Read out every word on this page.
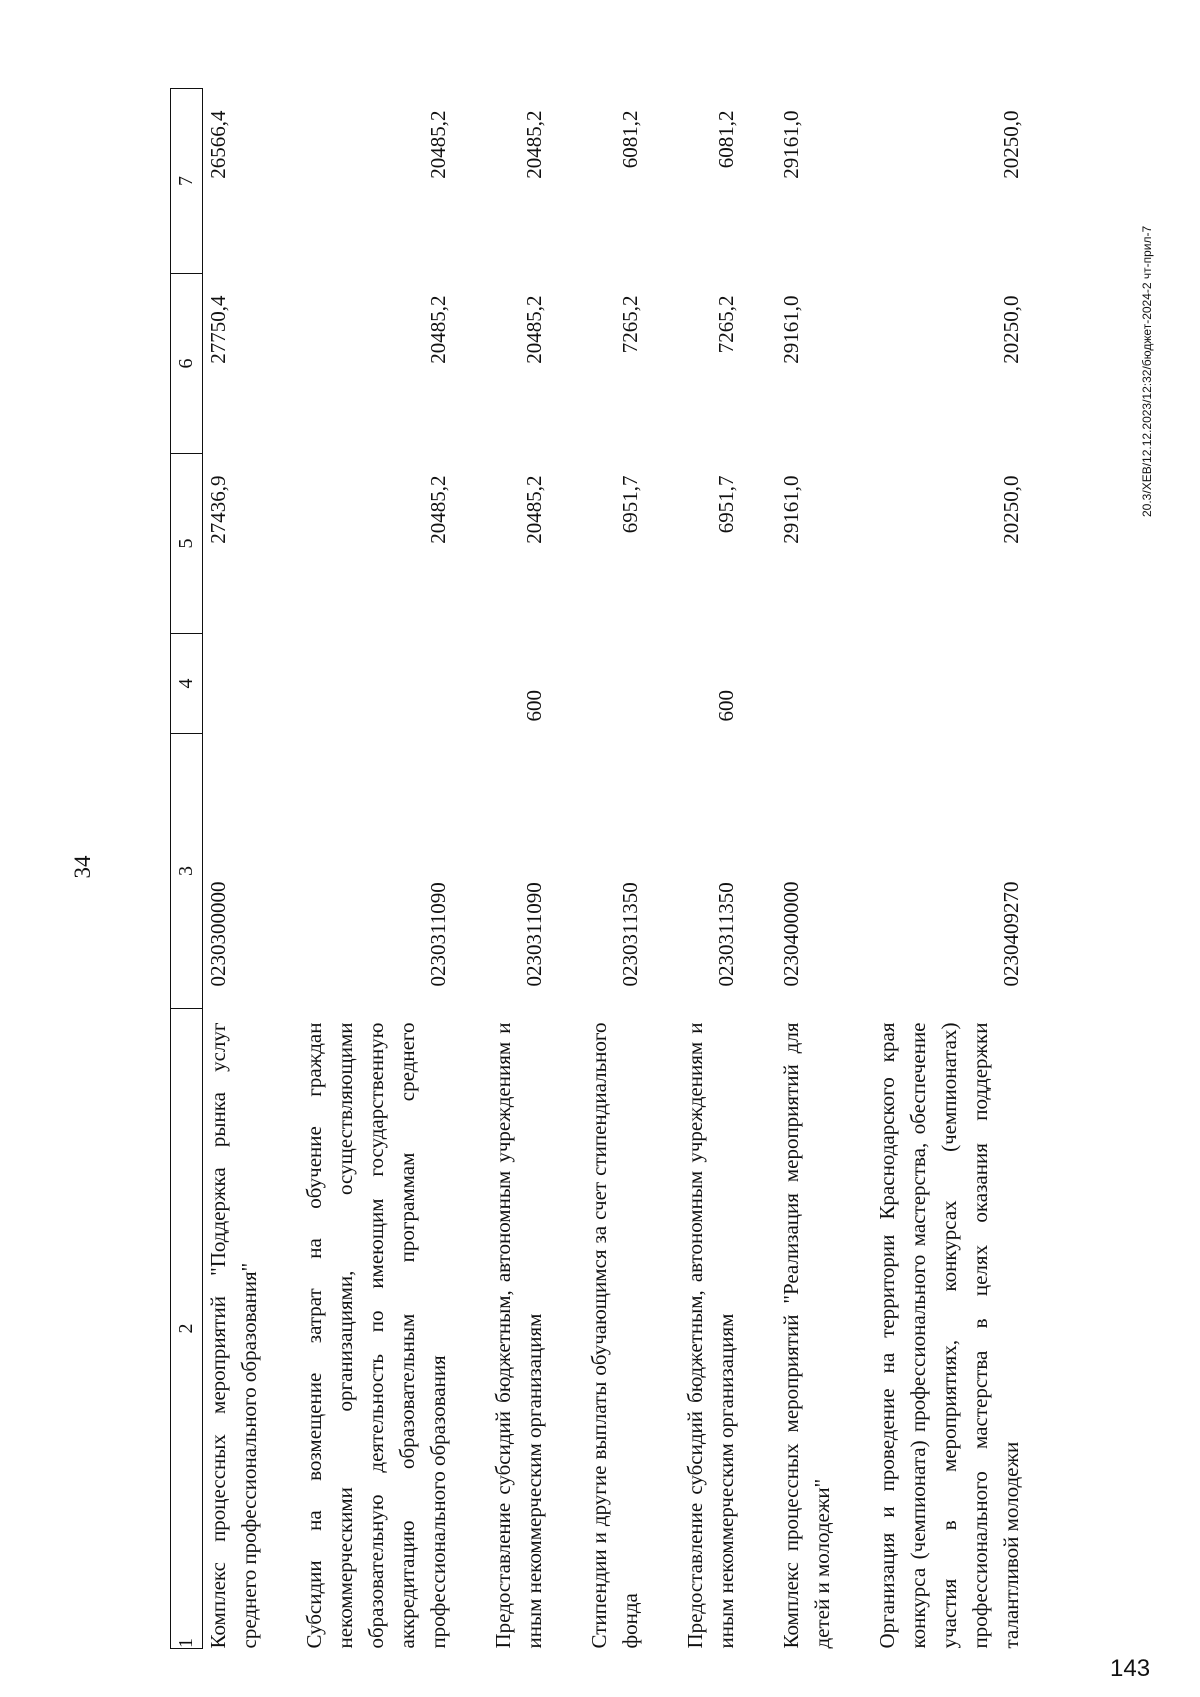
34
1	2	3	4	5	6	7
	Комплекс процессных мероприятий "Поддержка рынка услуг среднего профессионального образования"	0230300000		27436,9	27750,4	26566,4
	Субсидии на возмещение затрат на обучение граждан некоммерческими организациями, осуществляющими образовательную деятельность по имеющим государственную аккредитацию образовательным программам среднего профессионального образования	0230311090		20485,2	20485,2	20485,2
	Предоставление субсидий бюджетным, автономным учреждениям и иным некоммерческим организациям	0230311090	600	20485,2	20485,2	20485,2
	Стипендии и другие выплаты обучающимся за счет стипендиального фонда	0230311350		6951,7	7265,2	6081,2
	Предоставление субсидий бюджетным, автономным учреждениям и иным некоммерческим организациям	0230311350	600	6951,7	7265,2	6081,2
	Комплекс процессных мероприятий "Реализация мероприятий для детей и молодежи"	0230400000		29161,0	29161,0	29161,0
	Организация и проведение на территории Краснодарского края конкурса (чемпионата) профессионального мастерства, обеспечение участия в мероприятиях, конкурсах (чемпионатах) профессионального мастерства в целях оказания поддержки талантливой молодежи	0230409270		20250,0	20250,0	20250,0
143
20.3/XEB/12.12.2023/12:32/бюджет-2024-2 чт-прил-7
